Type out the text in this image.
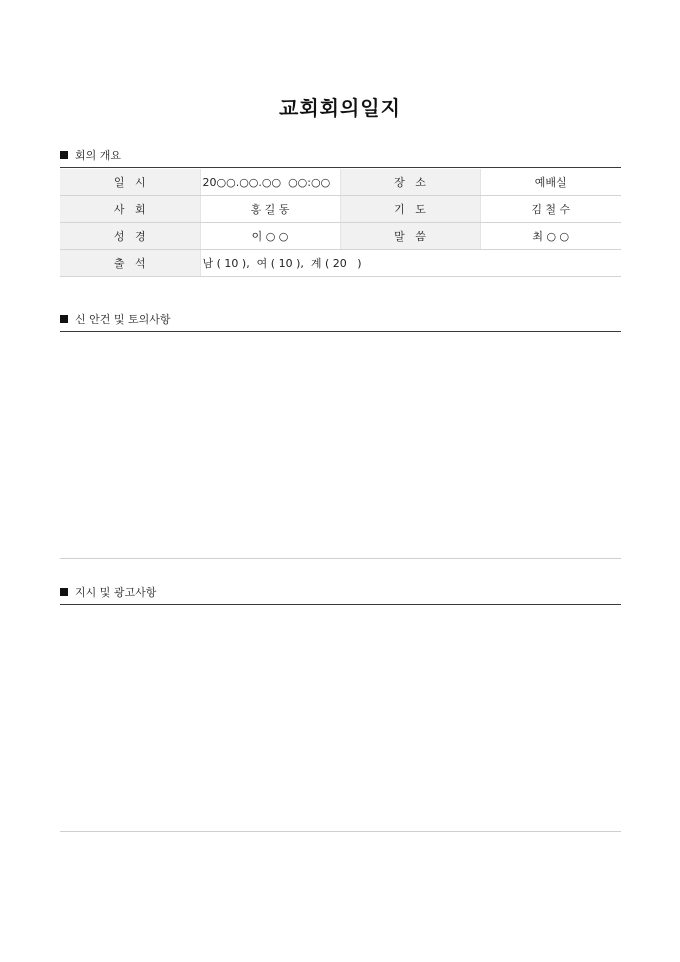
교회회의일지
회의 개요
일   시	20○○.○○.○○  ○○:○○	장   소	예배실
사   회	홍 길 동	기   도	김 철 수
성   경	이 ○ ○	말   씀	최 ○ ○
출   석	남 ( 10 ),  여 ( 10 ),  계 ( 20   )		
신 안건 및 토의사항
지시 및 광고사항
